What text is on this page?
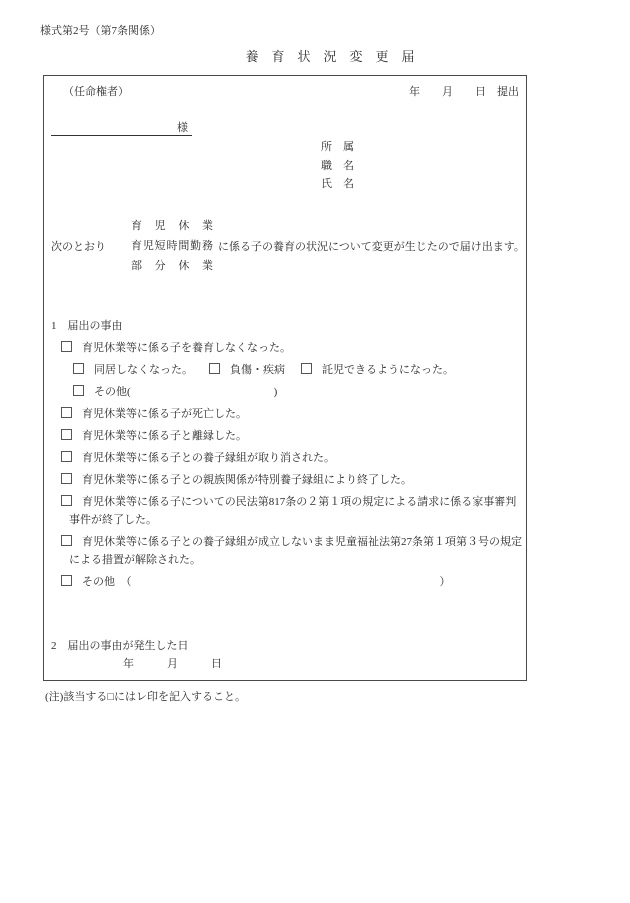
様式第2号（第7条関係）
養　育　状　況　変　更　届
（任命権者）	年　　月　　日　提出
様
所　属
職　名
氏　名
次のとおり
育児休業
育児短時間勤務
部分休業
に係る子の養育の状況について変更が生じたので届け出ます。
1　届出の事由
育児休業等に係る子を養育しなくなった。
同居しなくなった。	負傷・疾病	託児できるようになった。
その他(　　　　　　　　　　　　　)
育児休業等に係る子が死亡した。
育児休業等に係る子と離縁した。
育児休業等に係る子との養子縁組が取り消された。
育児休業等に係る子との親族関係が特別養子縁組により終了した。
育児休業等に係る子についての民法第817条の２第１項の規定による請求に係る家事審判事件が終了した。
育児休業等に係る子との養子縁組が成立しないまま児童福祉法第27条第１項第３号の規定による措置が解除された。
その他　（　　　　　　　　　　　　　　　　　　　　　　　　　　　　）
2　届出の事由が発生した日
年　　　月　　　日
(注)該当する□にはレ印を記入すること。
